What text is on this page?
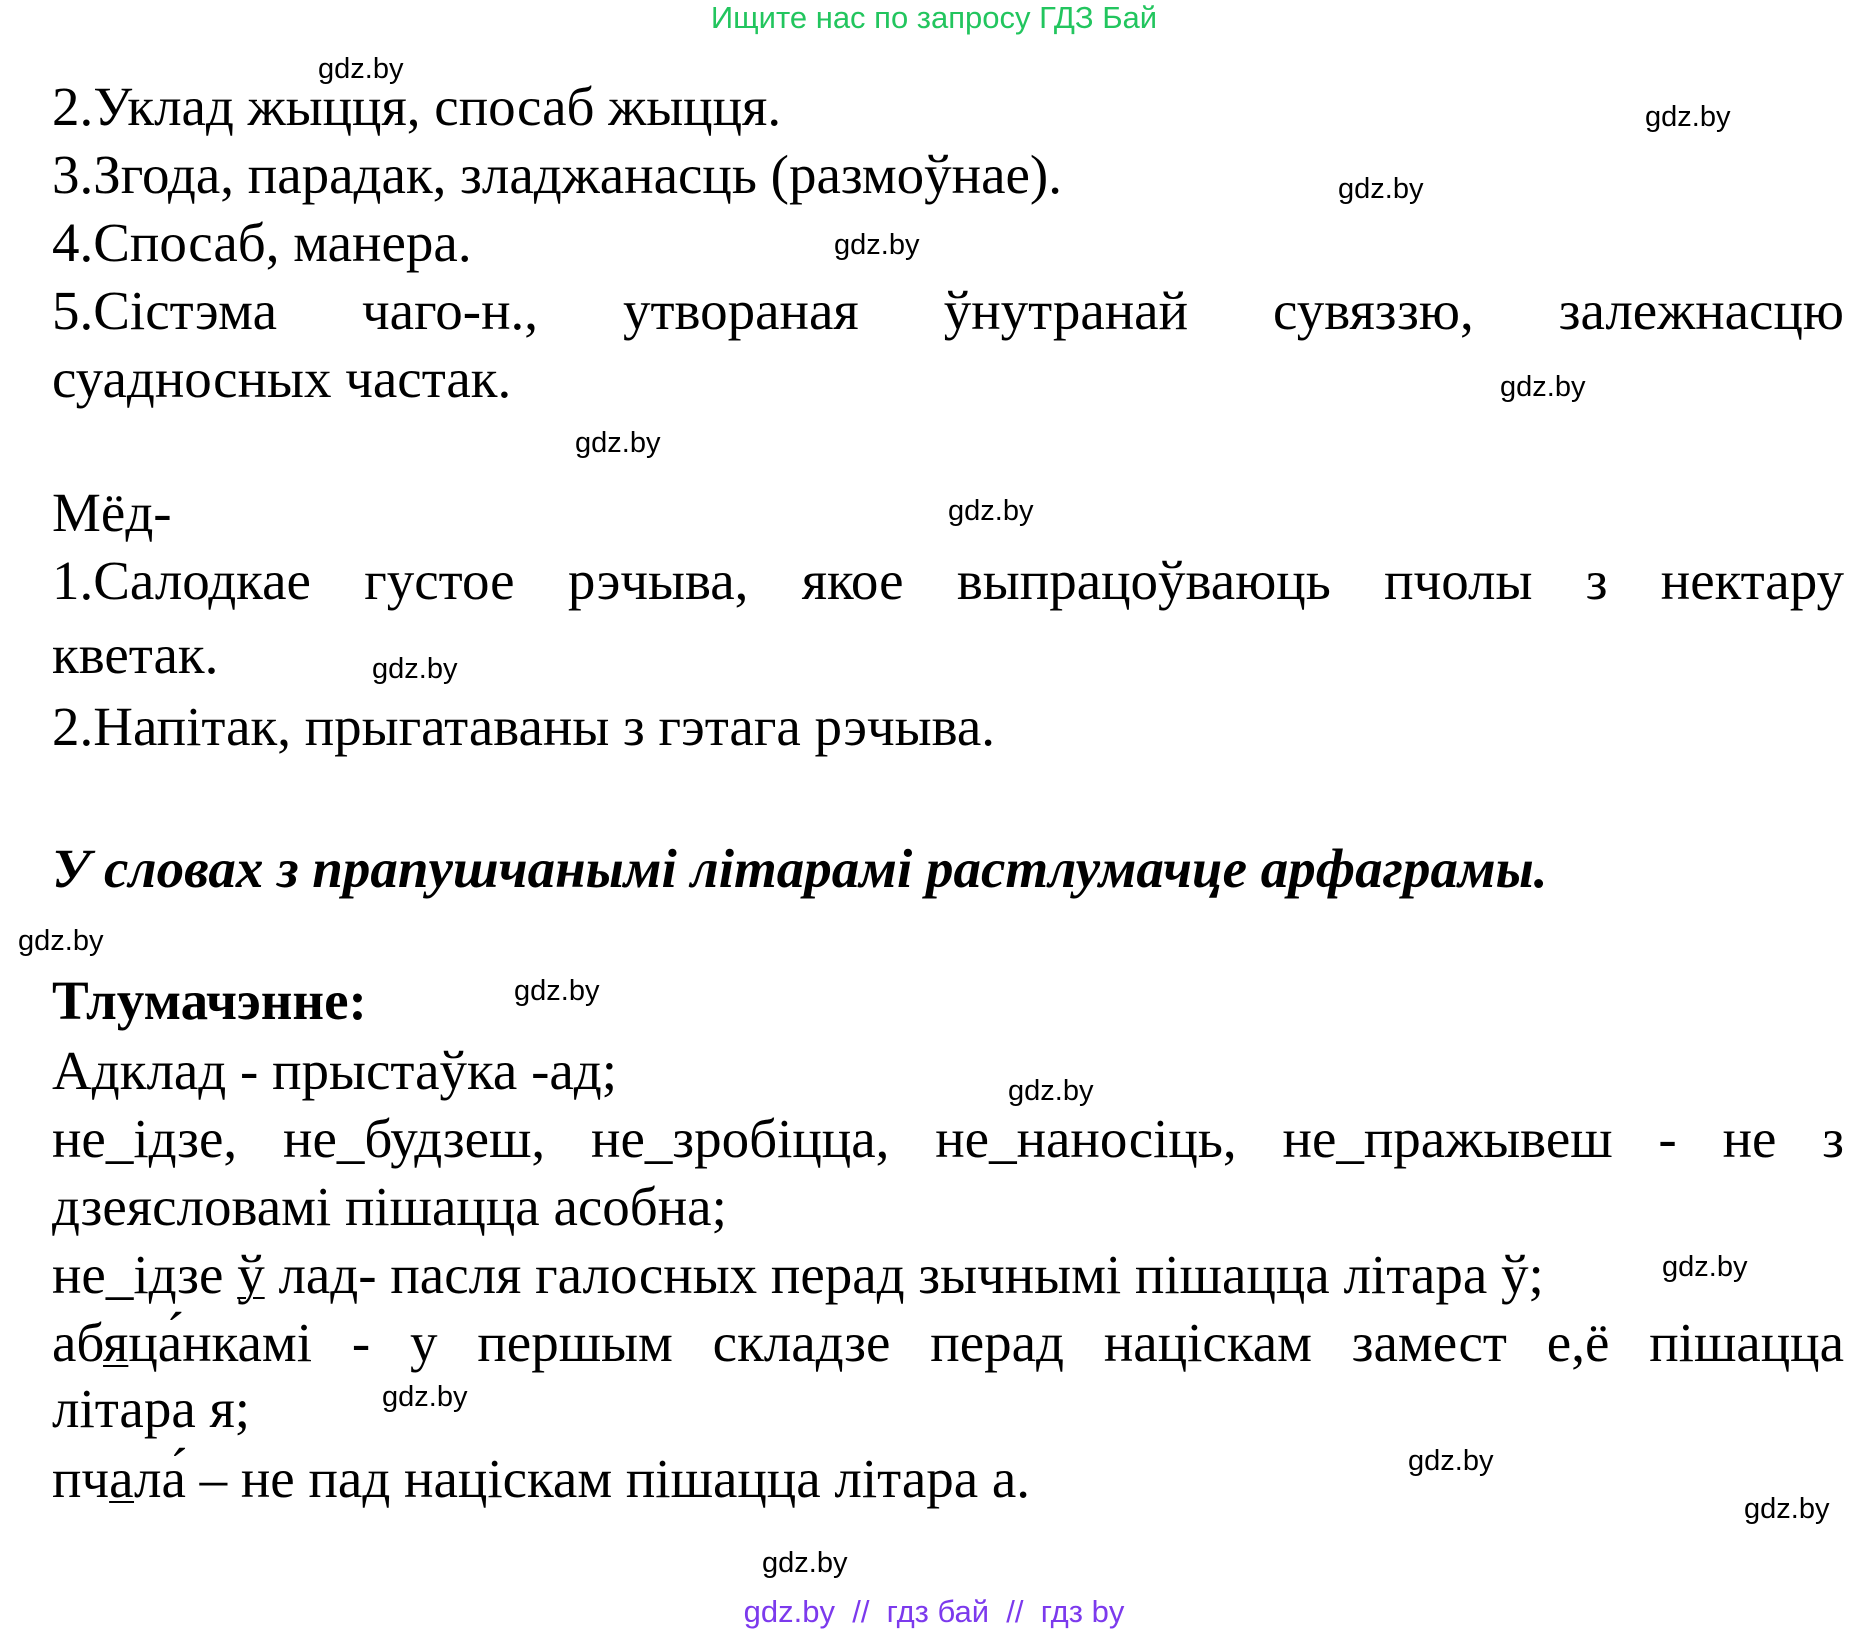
Ищите нас по запросу ГДЗ Бай
2.Уклад жыцця, спосаб жыцця.
3.Згода, парадак, зладжанасць (размоўнае).
4.Спосаб, манера.
5.Сістэма чаго-н., утвораная ўнутранай сувяззю, залежнасцю
суадносных частак.
Мёд-
1.Салодкае густое рэчыва, якое выпрацоўваюць пчолы з нектару
кветак.
2.Напітак, прыгатаваны з гэтага рэчыва.
У словах з прапушчанымі літарамі растлумачце арфаграмы.
Тлумачэнне:
Адклад - прыстаўка -ад;
не_ідзе, не_будзеш, не_зробіцца, не_наносіць, не_пражывеш - не з
дзеясловамі пішацца асобна;
не_ідзе ў лад- пасля галосных перад зычнымі пішацца літара ў;
абяца́нкамі - у першым складзе перад націскам замест е,ё пішацца
літара я;
пчала́ – не пад націскам пішацца літара а.
gdz.by
gdz.by
gdz.by
gdz.by
gdz.by
gdz.by
gdz.by
gdz.by
gdz.by
gdz.by
gdz.by
gdz.by
gdz.by
gdz.by
gdz.by
gdz.by
gdz.by  //  гдз бай  //  гдз by
